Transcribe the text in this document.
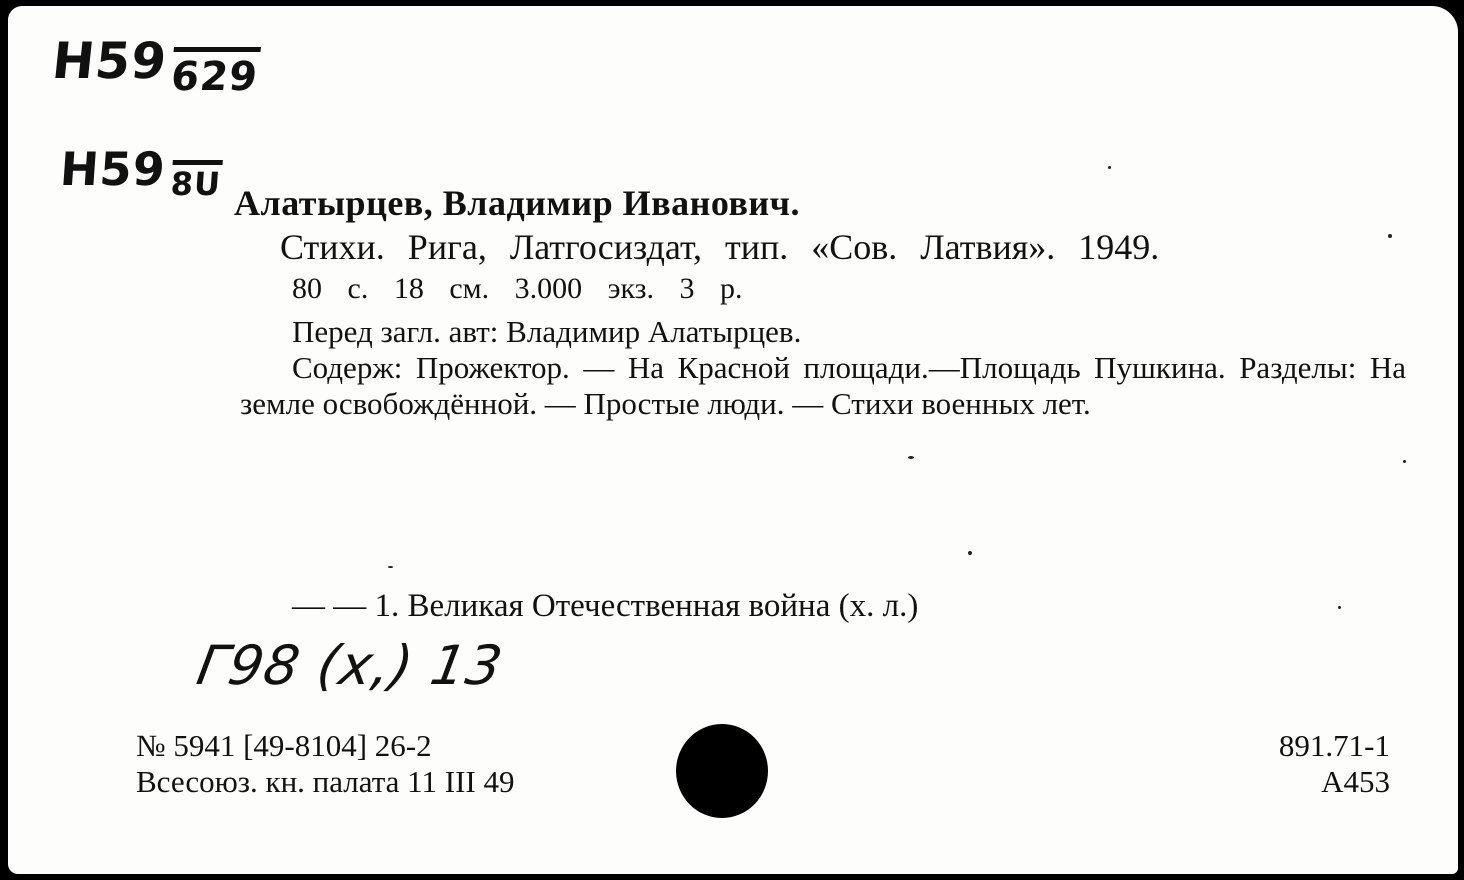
H59629
H598U Алатырцев, Владимир Иванович.
Стихи. Рига, Латгосиздат, тип. «Сов. Латвия». 1949.
80 с. 18 см. 3.000 экз. 3 р.

Перед загл. авт: Владимир Алатырцев.

Содерж: Прожектор. — На Красной площади.—Площадь Пушкина. Разделы: На земле освобождённой. — Простые люди. — Стихи военных лет.

— — 1. Великая Отечественная война (х. л.)
Г98 (х,) 13
№ 5941 [49-8104] 26-2
Всесоюз. кн. палата 11 III 49
891.71-1
А453
